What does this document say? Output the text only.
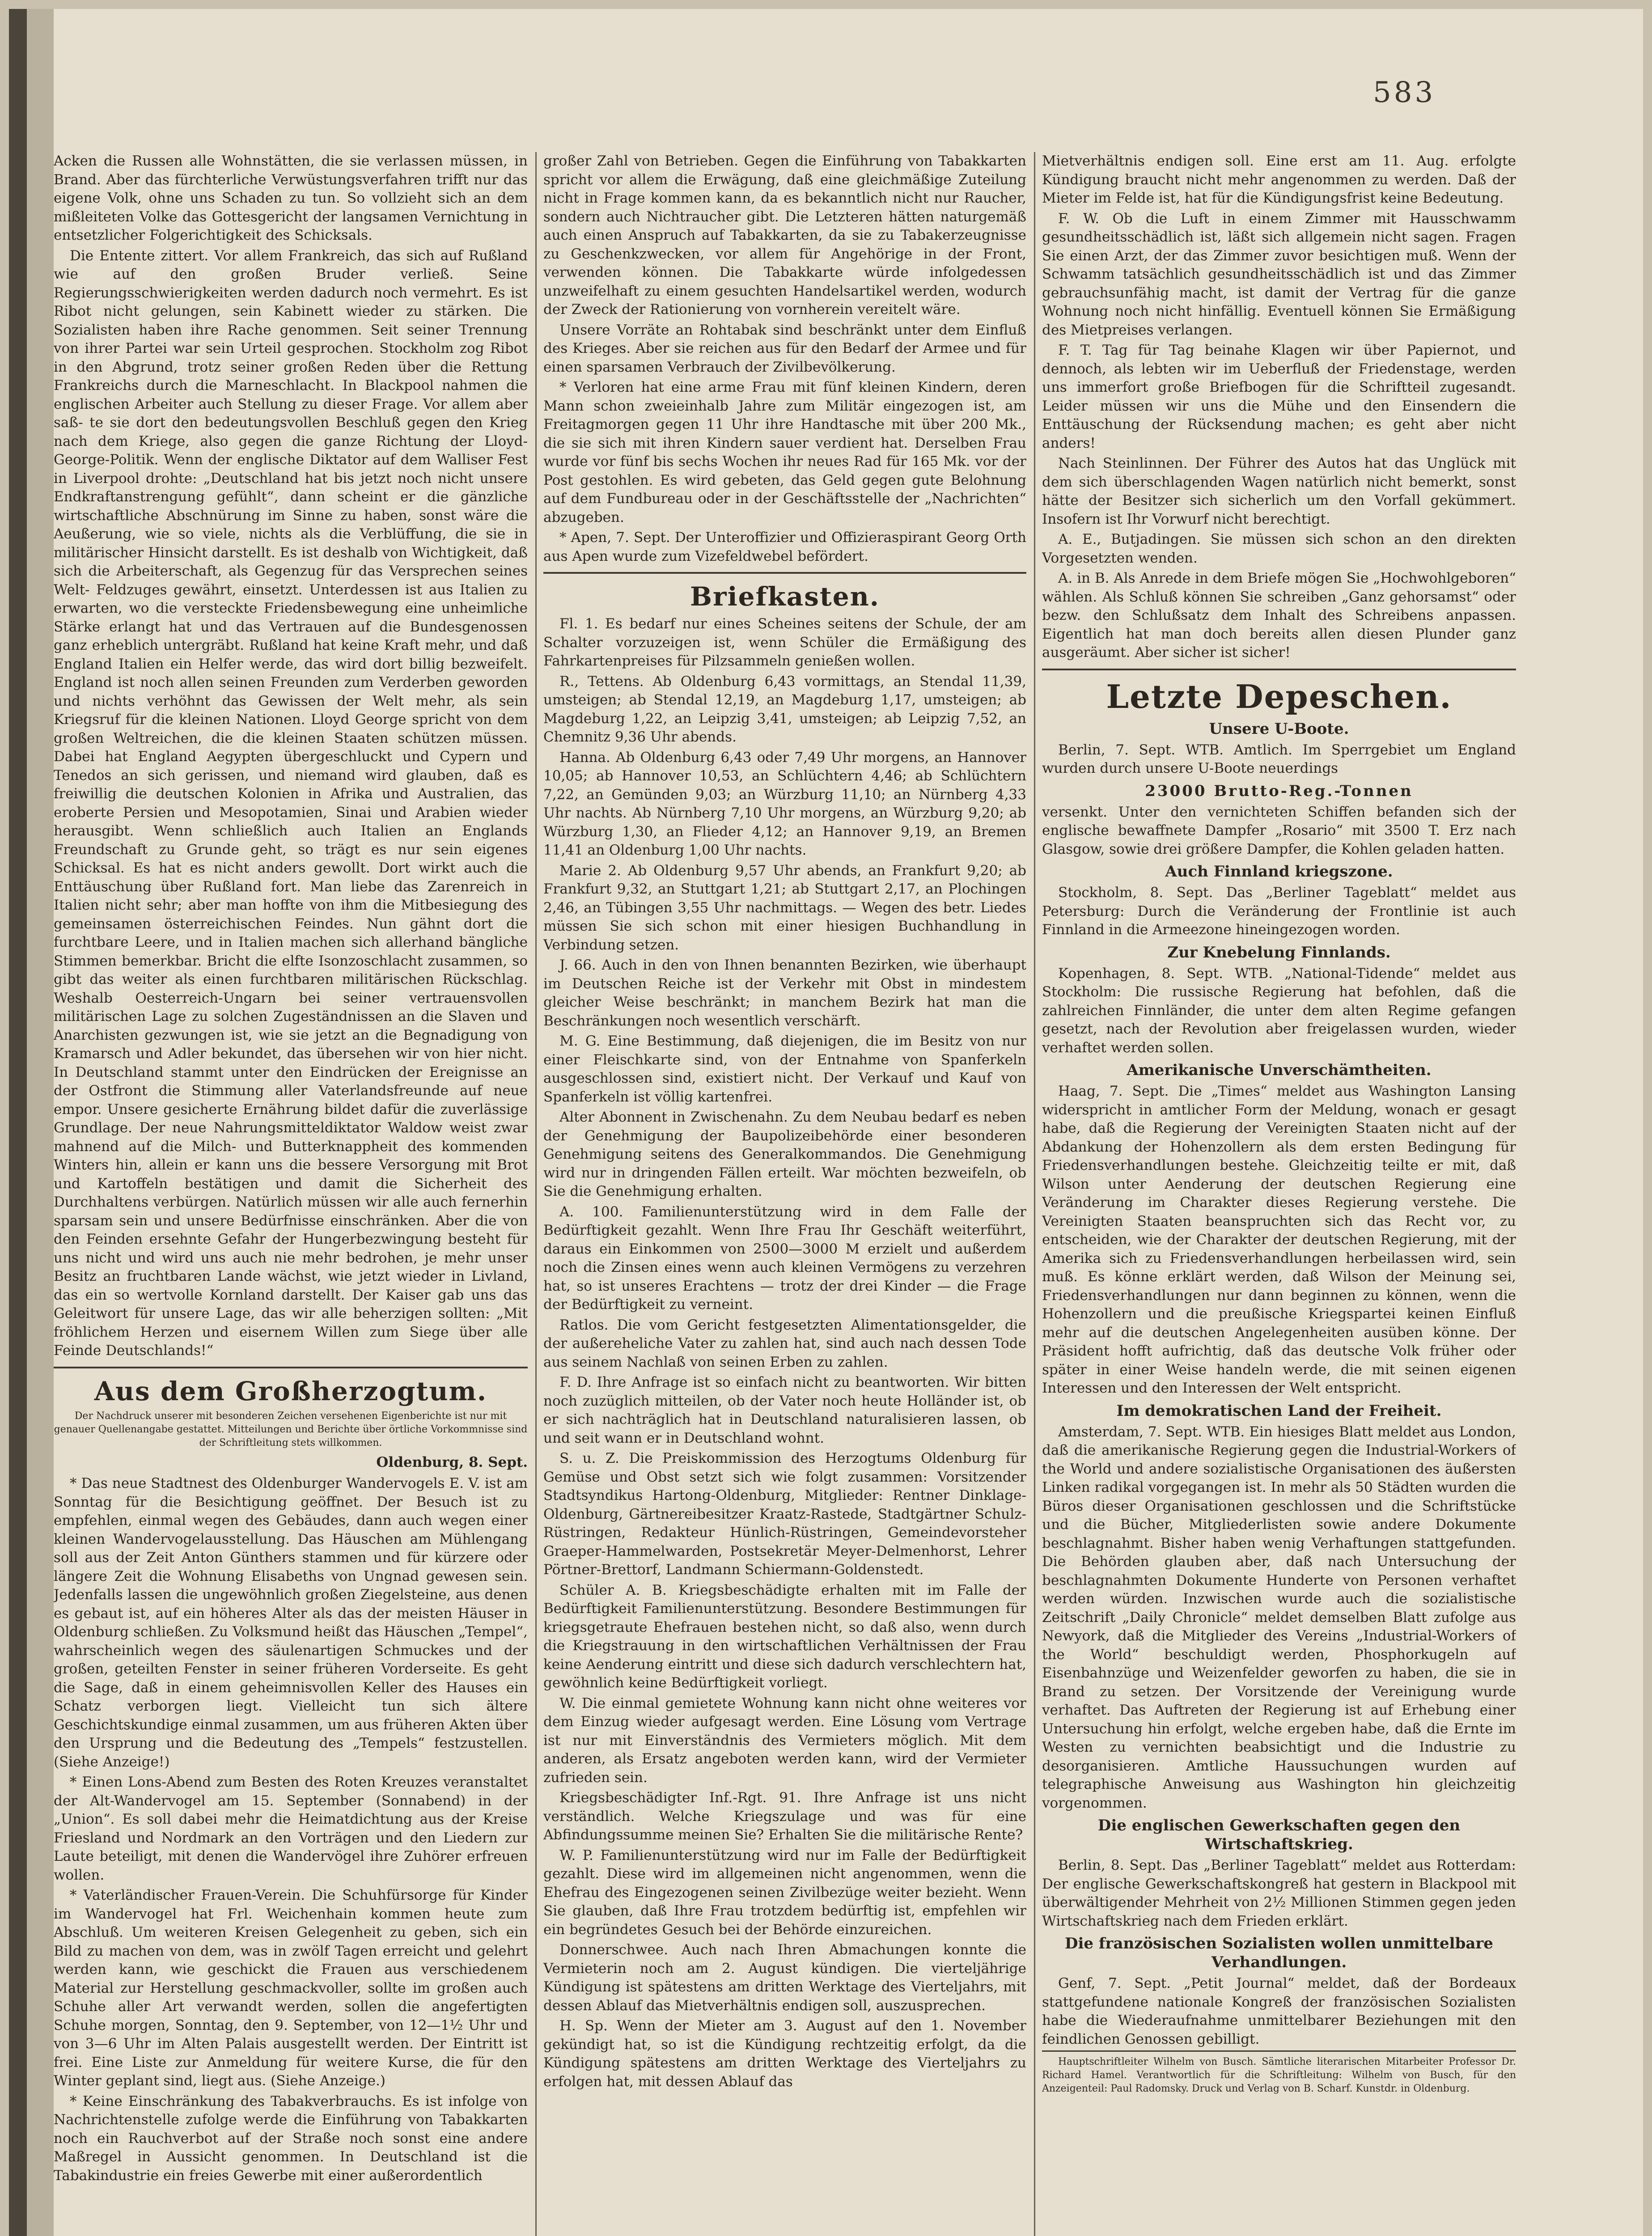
583

Acken die Russen alle Wohnstätten, die sie verlassen müssen, in Brand. Aber das fürchterliche Verwüstungsverfahren trifft nur das eigene Volk, ohne uns Schaden zu tun. So vollzieht sich an dem mißleiteten Volke das Gottesgericht der langsamen Vernichtung in entsetzlicher Folgerichtigkeit des Schicksals.

Die Entente zittert. Vor allem Frankreich, das sich auf Rußland wie auf den großen Bruder verließ. Seine Regierungsschwierigkeiten werden dadurch noch vermehrt. Es ist Ribot nicht gelungen, sein Kabinett wieder zu stärken. Die Sozialisten haben ihre Rache genommen. Seit seiner Trennung von ihrer Partei war sein Urteil gesprochen. Stockholm zog Ribot in den Abgrund, trotz seiner großen Reden über die Rettung Frankreichs durch die Marneschlacht. In Blackpool nahmen die englischen Arbeiter auch Stellung zu dieser Frage. Vor allem aber saß- te sie dort den bedeutungsvollen Beschluß gegen den Krieg nach dem Kriege, also gegen die ganze Richtung der Lloyd-George-Politik. Wenn der englische Diktator auf dem Walliser Fest in Liverpool drohte: „Deutschland hat bis jetzt noch nicht unsere Endkraftanstrengung gefühlt“, dann scheint er die gänzliche wirtschaftliche Abschnürung im Sinne zu haben, sonst wäre die Aeußerung, wie so viele, nichts als die Verblüffung, die sie in militärischer Hinsicht darstellt. Es ist deshalb von Wichtigkeit, daß sich die Arbeiterschaft, als Gegenzug für das Versprechen seines Welt- Feldzuges gewährt, einsetzt. Unterdessen ist aus Italien zu erwarten, wo die versteckte Friedensbewegung eine unheimliche Stärke erlangt hat und das Vertrauen auf die Bundesgenossen ganz erheblich untergräbt. Rußland hat keine Kraft mehr, und daß England Italien ein Helfer werde, das wird dort billig bezweifelt. England ist noch allen seinen Freunden zum Verderben geworden und nichts verhöhnt das Gewissen der Welt mehr, als sein Kriegsruf für die kleinen Nationen. Lloyd George spricht von dem großen Weltreichen, die die kleinen Staaten schützen müssen. Dabei hat England Aegypten übergeschluckt und Cypern und Tenedos an sich gerissen, und niemand wird glauben, daß es freiwillig die deutschen Kolonien in Afrika und Australien, das eroberte Persien und Mesopotamien, Sinai und Arabien wieder herausgibt. Wenn schließlich auch Italien an Englands Freundschaft zu Grunde geht, so trägt es nur sein eigenes Schicksal. Es hat es nicht anders gewollt. Dort wirkt auch die Enttäuschung über Rußland fort. Man liebe das Zarenreich in Italien nicht sehr; aber man hoffte von ihm die Mitbesiegung des gemeinsamen österreichischen Feindes. Nun gähnt dort die furchtbare Leere, und in Italien machen sich allerhand bängliche Stimmen bemerkbar. Bricht die elfte Isonzoschlacht zusammen, so gibt das weiter als einen furchtbaren militärischen Rückschlag. Weshalb Oesterreich-Ungarn bei seiner vertrauensvollen militärischen Lage zu solchen Zugeständnissen an die Slaven und Anarchisten gezwungen ist, wie sie jetzt an die Begnadigung von Kramarsch und Adler bekundet, das übersehen wir von hier nicht. In Deutschland stammt unter den Eindrücken der Ereignisse an der Ostfront die Stimmung aller Vaterlandsfreunde auf neue empor. Unsere gesicherte Ernährung bildet dafür die zuverlässige Grundlage. Der neue Nahrungsmitteldiktator Waldow weist zwar mahnend auf die Milch- und Butterknappheit des kommenden Winters hin, allein er kann uns die bessere Versorgung mit Brot und Kartoffeln bestätigen und damit die Sicherheit des Durchhaltens verbürgen. Natürlich müssen wir alle auch fernerhin sparsam sein und unsere Bedürfnisse einschränken. Aber die von den Feinden ersehnte Gefahr der Hungerbezwingung besteht für uns nicht und wird uns auch nie mehr bedrohen, je mehr unser Besitz an fruchtbaren Lande wächst, wie jetzt wieder in Livland, das ein so wertvolle Kornland darstellt. Der Kaiser gab uns das Geleitwort für unsere Lage, das wir alle beherzigen sollten: „Mit fröhlichem Herzen und eisernem Willen zum Siege über alle Feinde Deutschlands!“

Aus dem Großherzogtum.
Der Nachdruck unserer mit besonderen Zeichen versehenen Eigenberichte ist nur mit genauer Quellenangabe gestattet. Mitteilungen und Berichte über örtliche Vorkommnisse sind der Schriftleitung stets willkommen.
Oldenburg, 8. Sept.

* Das neue Stadtnest des Oldenburger Wandervogels E. V. ist am Sonntag für die Besichtigung geöffnet. Der Besuch ist zu empfehlen, einmal wegen des Gebäudes, dann auch wegen einer kleinen Wandervogelausstellung. Das Häuschen am Mühlengang soll aus der Zeit Anton Günthers stammen und für kürzere oder längere Zeit die Wohnung Elisabeths von Ungnad gewesen sein. Jedenfalls lassen die ungewöhnlich großen Ziegelsteine, aus denen es gebaut ist, auf ein höheres Alter als das der meisten Häuser in Oldenburg schließen. Zu Volksmund heißt das Häuschen „Tempel“, wahrscheinlich wegen des säulenartigen Schmuckes und der großen, geteilten Fenster in seiner früheren Vorderseite. Es geht die Sage, daß in einem geheimnisvollen Keller des Hauses ein Schatz verborgen liegt. Vielleicht tun sich ältere Geschichtskundige einmal zusammen, um aus früheren Akten über den Ursprung und die Bedeutung des „Tempels“ festzustellen. (Siehe Anzeige!)

* Einen Lons-Abend zum Besten des Roten Kreuzes veranstaltet der Alt-Wandervogel am 15. September (Sonnabend) in der „Union“. Es soll dabei mehr die Heimatdichtung aus der Kreise Friesland und Nordmark an den Vorträgen und den Liedern zur Laute beteiligt, mit denen die Wandervögel ihre Zuhörer erfreuen wollen.

* Vaterländischer Frauen-Verein. Die Schuhfürsorge für Kinder im Wandervogel hat Frl. Weichenhain kommen heute zum Abschluß. Um weiteren Kreisen Gelegenheit zu geben, sich ein Bild zu machen von dem, was in zwölf Tagen erreicht und gelehrt werden kann, wie geschickt die Frauen aus verschiedenem Material zur Herstellung geschmackvoller, sollte im großen auch Schuhe aller Art verwandt werden, sollen die angefertigten Schuhe morgen, Sonntag, den 9. September, von 12—1½ Uhr und von 3—6 Uhr im Alten Palais ausgestellt werden. Der Eintritt ist frei. Eine Liste zur Anmeldung für weitere Kurse, die für den Winter geplant sind, liegt aus. (Siehe Anzeige.)

* Keine Einschränkung des Tabakverbrauchs. Es ist infolge von Nachrichtenstelle zufolge werde die Einführung von Tabakkarten noch ein Rauchverbot auf der Straße noch sonst eine andere Maßregel in Aussicht genommen. In Deutschland ist die Tabakindustrie ein freies Gewerbe mit einer außerordentlich

großer Zahl von Betrieben. Gegen die Einführung von Tabakkarten spricht vor allem die Erwägung, daß eine gleichmäßige Zuteilung nicht in Frage kommen kann, da es bekanntlich nicht nur Raucher, sondern auch Nichtraucher gibt. Die Letzteren hätten naturgemäß auch einen Anspruch auf Tabakkarten, da sie zu Tabakerzeugnisse zu Geschenkzwecken, vor allem für Angehörige in der Front, verwenden können. Die Tabakkarte würde infolgedessen unzweifelhaft zu einem gesuchten Handelsartikel werden, wodurch der Zweck der Rationierung von vornherein vereitelt wäre.

Unsere Vorräte an Rohtabak sind beschränkt unter dem Einfluß des Krieges. Aber sie reichen aus für den Bedarf der Armee und für einen sparsamen Verbrauch der Zivilbevölkerung.

* Verloren hat eine arme Frau mit fünf kleinen Kindern, deren Mann schon zweieinhalb Jahre zum Militär eingezogen ist, am Freitagmorgen gegen 11 Uhr ihre Handtasche mit über 200 Mk., die sie sich mit ihren Kindern sauer verdient hat. Derselben Frau wurde vor fünf bis sechs Wochen ihr neues Rad für 165 Mk. vor der Post gestohlen. Es wird gebeten, das Geld gegen gute Belohnung auf dem Fundbureau oder in der Geschäftsstelle der „Nachrichten“ abzugeben.

* Apen, 7. Sept. Der Unteroffizier und Offizieraspirant Georg Orth aus Apen wurde zum Vizefeldwebel befördert.

Briefkasten.

Fl. 1. Es bedarf nur eines Scheines seitens der Schule, der am Schalter vorzuzeigen ist, wenn Schüler die Ermäßigung des Fahrkartenpreises für Pilzsammeln genießen wollen.

R., Tettens. Ab Oldenburg 6,43 vormittags, an Stendal 11,39, umsteigen; ab Stendal 12,19, an Magdeburg 1,17, umsteigen; ab Magdeburg 1,22, an Leipzig 3,41, umsteigen; ab Leipzig 7,52, an Chemnitz 9,36 Uhr abends.

Hanna. Ab Oldenburg 6,43 oder 7,49 Uhr morgens, an Hannover 10,05; ab Hannover 10,53, an Schlüchtern 4,46; ab Schlüchtern 7,22, an Gemünden 9,03; an Würzburg 11,10; an Nürnberg 4,33 Uhr nachts. Ab Nürnberg 7,10 Uhr morgens, an Würzburg 9,20; ab Würzburg 1,30, an Flieder 4,12; an Hannover 9,19, an Bremen 11,41 an Oldenburg 1,00 Uhr nachts.

Marie 2. Ab Oldenburg 9,57 Uhr abends, an Frankfurt 9,20; ab Frankfurt 9,32, an Stuttgart 1,21; ab Stuttgart 2,17, an Plochingen 2,46, an Tübingen 3,55 Uhr nachmittags. — Wegen des betr. Liedes müssen Sie sich schon mit einer hiesigen Buchhandlung in Verbindung setzen.

J. 66. Auch in den von Ihnen benannten Bezirken, wie überhaupt im Deutschen Reiche ist der Verkehr mit Obst in mindestem gleicher Weise beschränkt; in manchem Bezirk hat man die Beschränkungen noch wesentlich verschärft.

M. G. Eine Bestimmung, daß diejenigen, die im Besitz von nur einer Fleischkarte sind, von der Entnahme von Spanferkeln ausgeschlossen sind, existiert nicht. Der Verkauf und Kauf von Spanferkeln ist völlig kartenfrei.

Alter Abonnent in Zwischenahn. Zu dem Neubau bedarf es neben der Genehmigung der Baupolizeibehörde einer besonderen Genehmigung seitens des Generalkommandos. Die Genehmigung wird nur in dringenden Fällen erteilt. War möchten bezweifeln, ob Sie die Genehmigung erhalten.

A. 100. Familienunterstützung wird in dem Falle der Bedürftigkeit gezahlt. Wenn Ihre Frau Ihr Geschäft weiterführt, daraus ein Einkommen von 2500—3000 M erzielt und außerdem noch die Zinsen eines wenn auch kleinen Vermögens zu verzehren hat, so ist unseres Erachtens — trotz der drei Kinder — die Frage der Bedürftigkeit zu verneint.

Ratlos. Die vom Gericht festgesetzten Alimentationsgelder, die der außereheliche Vater zu zahlen hat, sind auch nach dessen Tode aus seinem Nachlaß von seinen Erben zu zahlen.

F. D. Ihre Anfrage ist so einfach nicht zu beantworten. Wir bitten noch zuzüglich mitteilen, ob der Vater noch heute Holländer ist, ob er sich nachträglich hat in Deutschland naturalisieren lassen, ob und seit wann er in Deutschland wohnt.

S. u. Z. Die Preiskommission des Herzogtums Oldenburg für Gemüse und Obst setzt sich wie folgt zusammen: Vorsitzender Stadtsyndikus Hartong-Oldenburg, Mitglieder: Rentner Dinklage-Oldenburg, Gärtnereibesitzer Kraatz-Rastede, Stadtgärtner Schulz-Rüstringen, Redakteur Hünlich-Rüstringen, Gemeindevorsteher Graeper-Hammelwarden, Postsekretär Meyer-Delmenhorst, Lehrer Pörtner-Brettorf, Landmann Schiermann-Goldenstedt.

Schüler A. B. Kriegsbeschädigte erhalten mit im Falle der Bedürftigkeit Familienunterstützung. Besondere Bestimmungen für kriegsgetraute Ehefrauen bestehen nicht, so daß also, wenn durch die Kriegstrauung in den wirtschaftlichen Verhältnissen der Frau keine Aenderung eintritt und diese sich dadurch verschlechtern hat, gewöhnlich keine Bedürftigkeit vorliegt.

W. Die einmal gemietete Wohnung kann nicht ohne weiteres vor dem Einzug wieder aufgesagt werden. Eine Lösung vom Vertrage ist nur mit Einverständnis des Vermieters möglich. Mit dem anderen, als Ersatz angeboten werden kann, wird der Vermieter zufrieden sein.

Kriegsbeschädigter Inf.-Rgt. 91. Ihre Anfrage ist uns nicht verständlich. Welche Kriegszulage und was für eine Abfindungssumme meinen Sie? Erhalten Sie die militärische Rente?

W. P. Familienunterstützung wird nur im Falle der Bedürftigkeit gezahlt. Diese wird im allgemeinen nicht angenommen, wenn die Ehefrau des Eingezogenen seinen Zivilbezüge weiter bezieht. Wenn Sie glauben, daß Ihre Frau trotzdem bedürftig ist, empfehlen wir ein begründetes Gesuch bei der Behörde einzureichen.

Donnerschwee. Auch nach Ihren Abmachungen konnte die Vermieterin noch am 2. August kündigen. Die vierteljährige Kündigung ist spätestens am dritten Werktage des Vierteljahrs, mit dessen Ablauf das Mietverhältnis endigen soll, auszusprechen.

H. Sp. Wenn der Mieter am 3. August auf den 1. November gekündigt hat, so ist die Kündigung rechtzeitig erfolgt, da die Kündigung spätestens am dritten Werktage des Vierteljahrs zu erfolgen hat, mit dessen Ablauf das

Mietverhältnis endigen soll. Eine erst am 11. Aug. erfolgte Kündigung braucht nicht mehr angenommen zu werden. Daß der Mieter im Felde ist, hat für die Kündigungsfrist keine Bedeutung.

F. W. Ob die Luft in einem Zimmer mit Hausschwamm gesundheitsschädlich ist, läßt sich allgemein nicht sagen. Fragen Sie einen Arzt, der das Zimmer zuvor besichtigen muß. Wenn der Schwamm tatsächlich gesundheitsschädlich ist und das Zimmer gebrauchsunfähig macht, ist damit der Vertrag für die ganze Wohnung noch nicht hinfällig. Eventuell können Sie Ermäßigung des Mietpreises verlangen.

F. T. Tag für Tag beinahe Klagen wir über Papiernot, und dennoch, als lebten wir im Ueberfluß der Friedenstage, werden uns immerfort große Briefbogen für die Schriftteil zugesandt. Leider müssen wir uns die Mühe und den Einsendern die Enttäuschung der Rücksendung machen; es geht aber nicht anders!

Nach Steinlinnen. Der Führer des Autos hat das Unglück mit dem sich überschlagenden Wagen natürlich nicht bemerkt, sonst hätte der Besitzer sich sicherlich um den Vorfall gekümmert. Insofern ist Ihr Vorwurf nicht berechtigt.

A. E., Butjadingen. Sie müssen sich schon an den direkten Vorgesetzten wenden.

A. in B. Als Anrede in dem Briefe mögen Sie „Hochwohlgeboren“ wählen. Als Schluß können Sie schreiben „Ganz gehorsamst“ oder bezw. den Schlußsatz dem Inhalt des Schreibens anpassen. Eigentlich hat man doch bereits allen diesen Plunder ganz ausgeräumt. Aber sicher ist sicher!

Letzte Depeschen.
Unsere U-Boote.

Berlin, 7. Sept. WTB. Amtlich. Im Sperrgebiet um England wurden durch unsere U-Boote neuerdings

23000 Brutto-Reg.-Tonnen

versenkt. Unter den vernichteten Schiffen befanden sich der englische bewaffnete Dampfer „Rosario“ mit 3500 T. Erz nach Glasgow, sowie drei größere Dampfer, die Kohlen geladen hatten.

Auch Finnland kriegszone.

Stockholm, 8. Sept. Das „Berliner Tageblatt“ meldet aus Petersburg: Durch die Veränderung der Frontlinie ist auch Finnland in die Armeezone hineingezogen worden.

Zur Knebelung Finnlands.

Kopenhagen, 8. Sept. WTB. „National-Tidende“ meldet aus Stockholm: Die russische Regierung hat befohlen, daß die zahlreichen Finnländer, die unter dem alten Regime gefangen gesetzt, nach der Revolution aber freigelassen wurden, wieder verhaftet werden sollen.

Amerikanische Unverschämtheiten.

Haag, 7. Sept. Die „Times“ meldet aus Washington Lansing widerspricht in amtlicher Form der Meldung, wonach er gesagt habe, daß die Regierung der Vereinigten Staaten nicht auf der Abdankung der Hohenzollern als dem ersten Bedingung für Friedensverhandlungen bestehe. Gleichzeitig teilte er mit, daß Wilson unter Aenderung der deutschen Regierung eine Veränderung im Charakter dieses Regierung verstehe. Die Vereinigten Staaten beanspruchten sich das Recht vor, zu entscheiden, wie der Charakter der deutschen Regierung, mit der Amerika sich zu Friedensverhandlungen herbeilassen wird, sein muß. Es könne erklärt werden, daß Wilson der Meinung sei, Friedensverhandlungen nur dann beginnen zu können, wenn die Hohenzollern und die preußische Kriegspartei keinen Einfluß mehr auf die deutschen Angelegenheiten ausüben könne. Der Präsident hofft aufrichtig, daß das deutsche Volk früher oder später in einer Weise handeln werde, die mit seinen eigenen Interessen und den Interessen der Welt entspricht.

Im demokratischen Land der Freiheit.

Amsterdam, 7. Sept. WTB. Ein hiesiges Blatt meldet aus London, daß die amerikanische Regierung gegen die Industrial-Workers of the World und andere sozialistische Organisationen des äußersten Linken radikal vorgegangen ist. In mehr als 50 Städten wurden die Büros dieser Organisationen geschlossen und die Schriftstücke und die Bücher, Mitgliederlisten sowie andere Dokumente beschlagnahmt. Bisher haben wenig Verhaftungen stattgefunden. Die Behörden glauben aber, daß nach Untersuchung der beschlagnahmten Dokumente Hunderte von Personen verhaftet werden würden. Inzwischen wurde auch die sozialistische Zeitschrift „Daily Chronicle“ meldet demselben Blatt zufolge aus Newyork, daß die Mitglieder des Vereins „Industrial-Workers of the World“ beschuldigt werden, Phosphorkugeln auf Eisenbahnzüge und Weizenfelder geworfen zu haben, die sie in Brand zu setzen. Der Vorsitzende der Vereinigung wurde verhaftet. Das Auftreten der Regierung ist auf Erhebung einer Untersuchung hin erfolgt, welche ergeben habe, daß die Ernte im Westen zu vernichten beabsichtigt und die Industrie zu desorganisieren. Amtliche Haussuchungen wurden auf telegraphische Anweisung aus Washington hin gleichzeitig vorgenommen.

Die englischen Gewerkschaften gegen den Wirtschaftskrieg.

Berlin, 8. Sept. Das „Berliner Tageblatt“ meldet aus Rotterdam: Der englische Gewerkschaftskongreß hat gestern in Blackpool mit überwältigender Mehrheit von 2½ Millionen Stimmen gegen jeden Wirtschaftskrieg nach dem Frieden erklärt.

Die französischen Sozialisten wollen unmittelbare Verhandlungen.

Genf, 7. Sept. „Petit Journal“ meldet, daß der Bordeaux stattgefundene nationale Kongreß der französischen Sozialisten habe die Wiederaufnahme unmittelbarer Beziehungen mit den feindlichen Genossen gebilligt.

Hauptschriftleiter Wilhelm von Busch. Sämtliche literarischen Mitarbeiter Professor Dr. Richard Hamel. Verantwortlich für die Schriftleitung: Wilhelm von Busch, für den Anzeigenteil: Paul Radomsky. Druck und Verlag von B. Scharf. Kunstdr. in Oldenburg.
